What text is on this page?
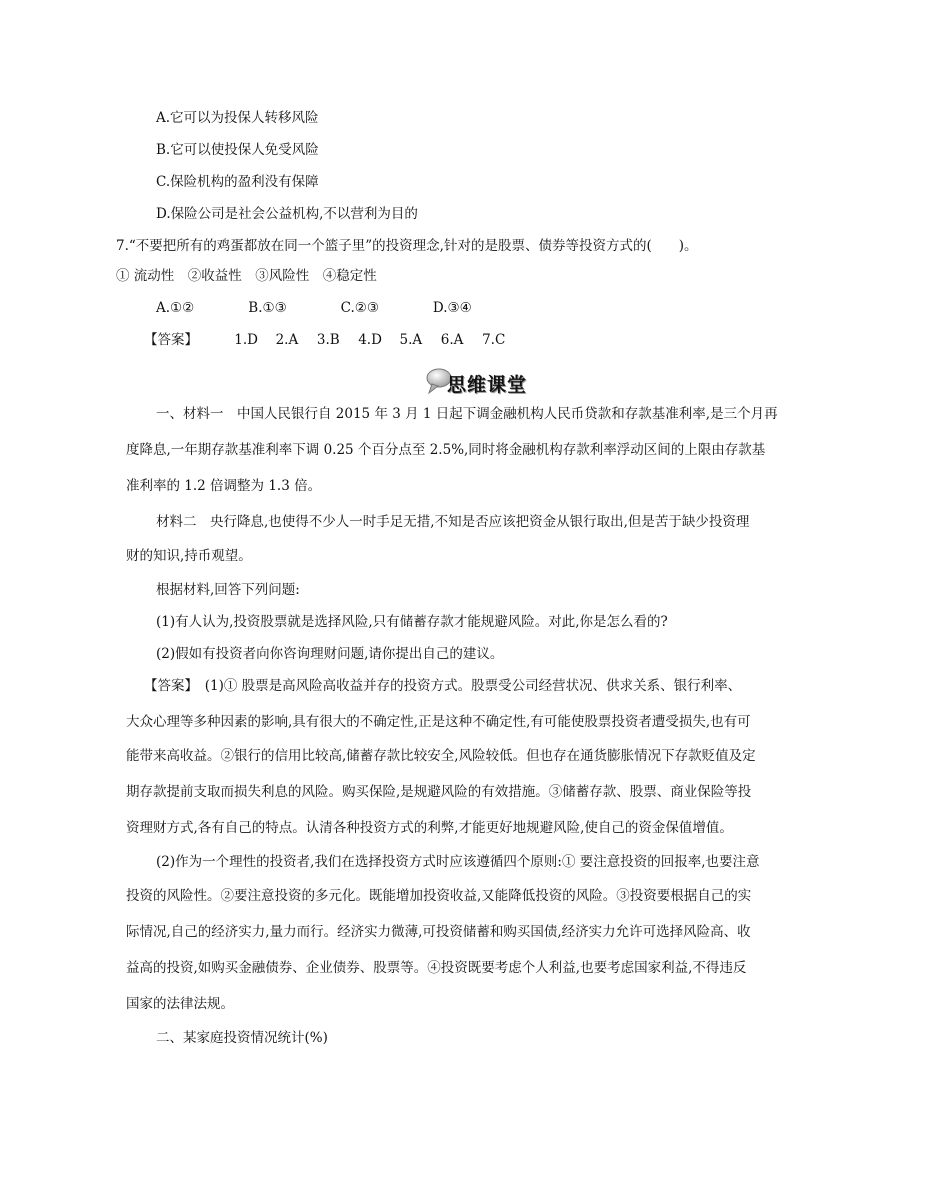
A.它可以为投保人转移风险
B.它可以使投保人免受风险
C.保险机构的盈利没有保障
D.保险公司是社会公益机构,不以营利为目的
7.“不要把所有的鸡蛋都放在同一个篮子里”的投资理念,针对的是股票、债券等投资方式的(　　)。
① 流动性　②收益性　③风险性　④稳定性
A.①②	B.①③	C.②③	D.③④
【答案】	1.D 2.A 3.B 4.D 5.A 6.A 7.C
思维课堂
一、材料一　中国人民银行自 2015 年 3 月 1 日起下调金融机构人民币贷款和存款基准利率,是三个月再
度降息,一年期存款基准利率下调 0.25 个百分点至 2.5%,同时将金融机构存款利率浮动区间的上限由存款基
准利率的 1.2 倍调整为 1.3 倍。
材料二　央行降息,也使得不少人一时手足无措,不知是否应该把资金从银行取出,但是苦于缺少投资理
财的知识,持币观望。
根据材料,回答下列问题:
(1)有人认为,投资股票就是选择风险,只有储蓄存款才能规避风险。对此,你是怎么看的?
(2)假如有投资者向你咨询理财问题,请你提出自己的建议。
【答案】　(1)① 股票是高风险高收益并存的投资方式。股票受公司经营状况、供求关系、银行利率、
大众心理等多种因素的影响,具有很大的不确定性,正是这种不确定性,有可能使股票投资者遭受损失,也有可
能带来高收益。②银行的信用比较高,储蓄存款比较安全,风险较低。但也存在通货膨胀情况下存款贬值及定
期存款提前支取而损失利息的风险。购买保险,是规避风险的有效措施。③储蓄存款、股票、商业保险等投
资理财方式,各有自己的特点。认清各种投资方式的利弊,才能更好地规避风险,使自己的资金保值增值。
(2)作为一个理性的投资者,我们在选择投资方式时应该遵循四个原则:① 要注意投资的回报率,也要注意
投资的风险性。②要注意投资的多元化。既能增加投资收益,又能降低投资的风险。③投资要根据自己的实
际情况,自己的经济实力,量力而行。经济实力微薄,可投资储蓄和购买国债,经济实力允许可选择风险高、收
益高的投资,如购买金融债券、企业债券、股票等。④投资既要考虑个人利益,也要考虑国家利益,不得违反
国家的法律法规。
二、某家庭投资情况统计(%)
